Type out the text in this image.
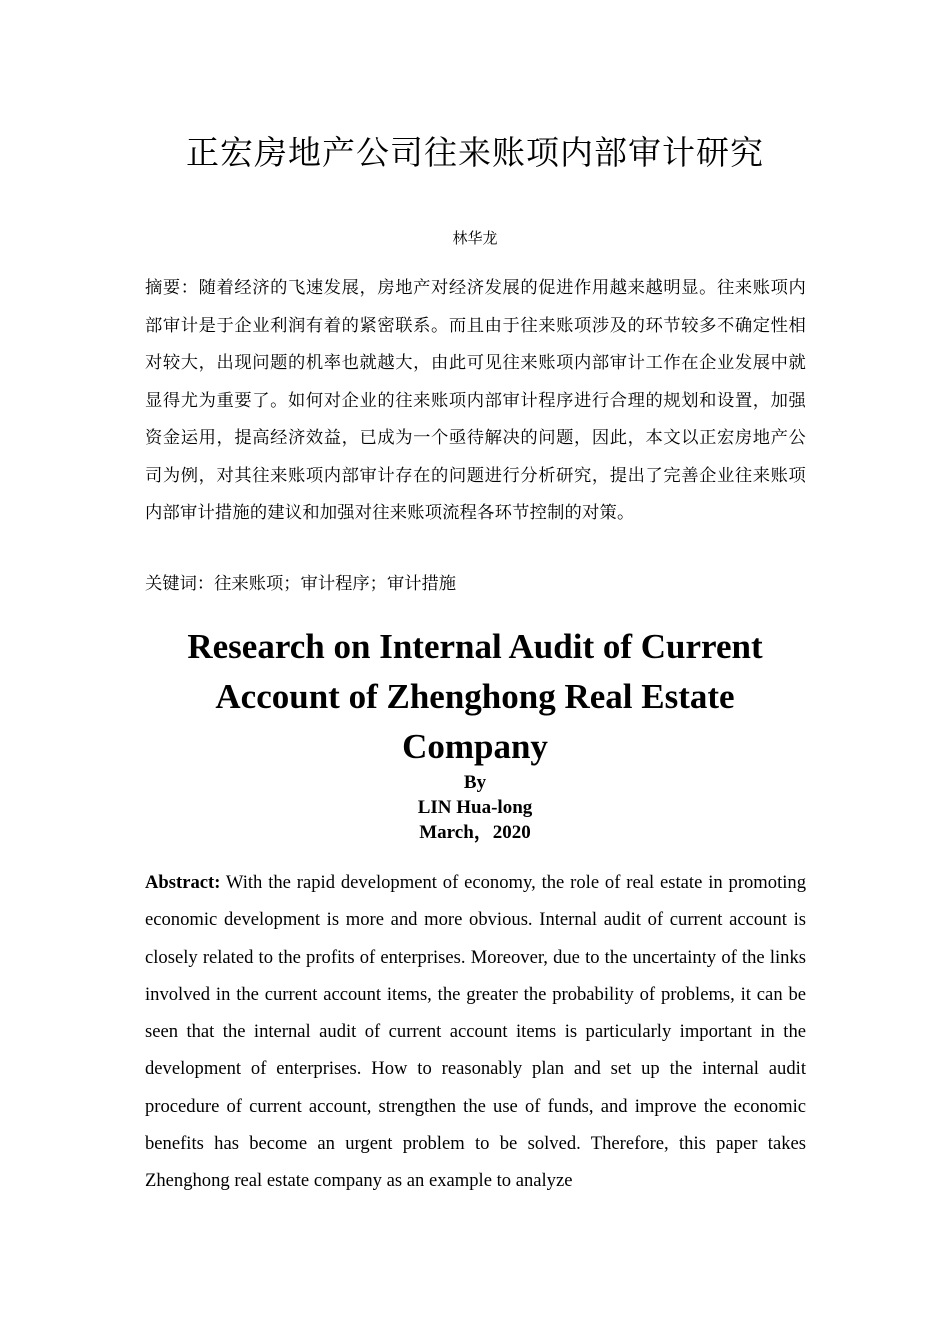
正宏房地产公司往来账项内部审计研究
林华龙
摘要：随着经济的飞速发展，房地产对经济发展的促进作用越来越明显。往来账项内部审计是于企业利润有着的紧密联系。而且由于往来账项涉及的环节较多不确定性相对较大，出现问题的机率也就越大，由此可见往来账项内部审计工作在企业发展中就显得尤为重要了。如何对企业的往来账项内部审计程序进行合理的规划和设置，加强资金运用，提高经济效益，已成为一个亟待解决的问题，因此，本文以正宏房地产公司为例，对其往来账项内部审计存在的问题进行分析研究，提出了完善企业往来账项内部审计措施的建议和加强对往来账项流程各环节控制的对策。
关键词：往来账项；审计程序；审计措施
Research on Internal Audit of Current Account of Zhenghong Real Estate Company
By
LIN Hua-long
March，2020
Abstract: With the rapid development of economy, the role of real estate in promoting economic development is more and more obvious. Internal audit of current account is closely related to the profits of enterprises. Moreover, due to the uncertainty of the links involved in the current account items, the greater the probability of problems, it can be seen that the internal audit of current account items is particularly important in the development of enterprises. How to reasonably plan and set up the internal audit procedure of current account, strengthen the use of funds, and improve the economic benefits has become an urgent problem to be solved. Therefore, this paper takes Zhenghong real estate company as an example to analyze
